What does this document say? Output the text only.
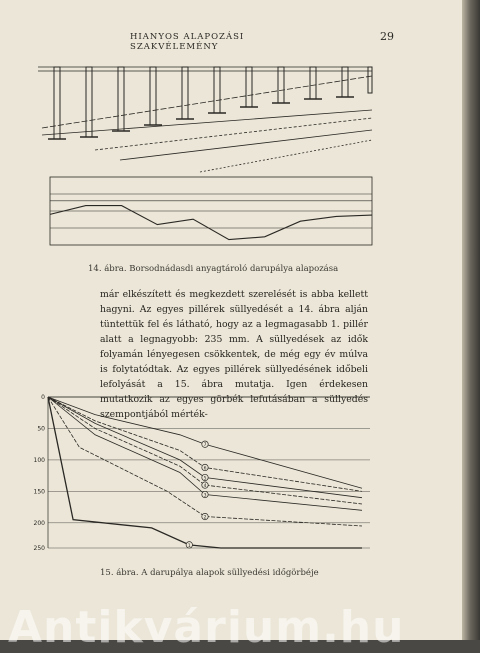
HIANYOS ALAPOZÁSI SZAKVÉLEMÉNY
29
1
2
3
4
5
6
7
0
50
100
150
200
250
14. ábra. Borsodnádasdi anyagtároló darupálya alapozása
már elkészített és megkezdett szerelését is abba kellett hagyni. Az egyes pillérek süllyedését a 14. ábra alján tüntettük fel és látható, hogy az a legmagasabb 1. pillér alatt a legnagyobb: 235 mm. A süllyedések az idők folyamán lényegesen csökkentek, de még egy év múlva is folytatódtak. Az egyes pillérek süllyedésének időbeli lefolyását a 15. ábra mutatja. Igen érdekesen mutatkozik az egyes görbék lefutásában a süllyedés szempontjából mérték-
15. ábra. A darupálya alapok süllyedési időgörbéje
Antikvárium.hu
